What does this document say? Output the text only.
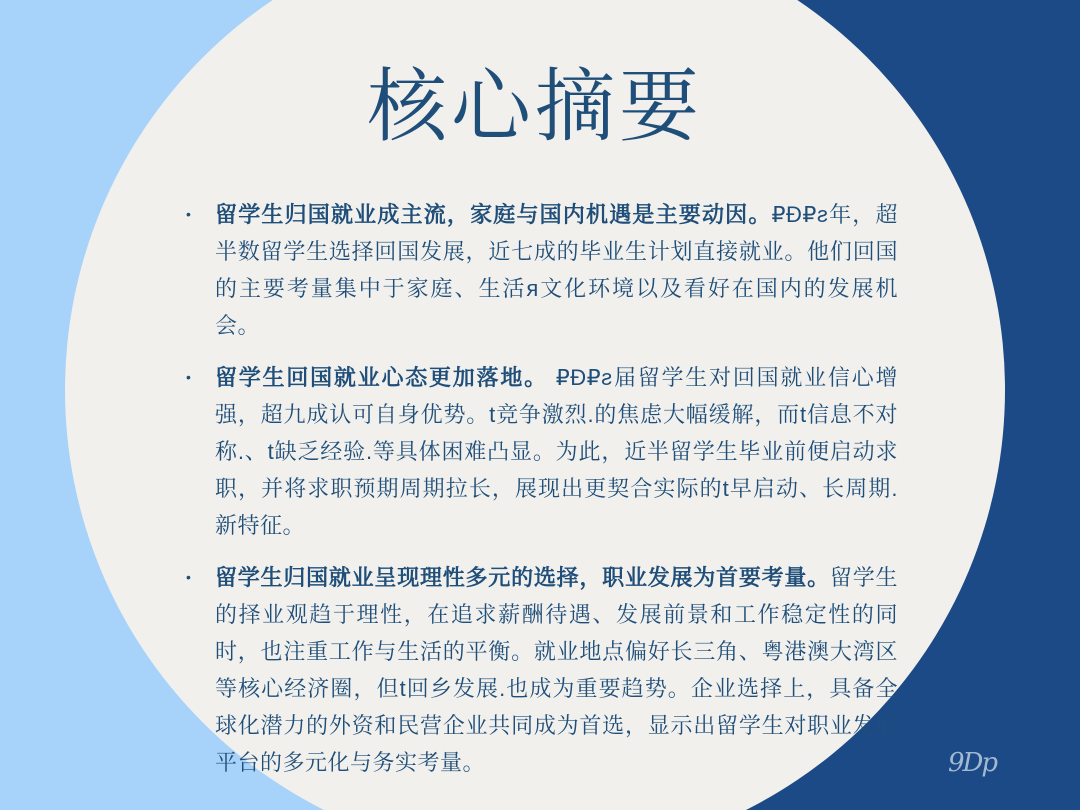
核心摘要
•	留学生归国就业成主流，家庭与国内机遇是主要动因。₽Đ₽ƨ年，超半数留学生选择回国发展，近七成的毕业生计划直接就业。他们回国的主要考量集中于家庭、生活я文化环境以及看好在国内的发展机会。

•	留学生回国就业心态更加落地。 ₽Đ₽ƨ届留学生对回国就业信心增强，超九成认可自身优势。t竞争激烈.的焦虑大幅缓解，而t信息不对称.、t缺乏经验.等具体困难凸显。为此，近半留学生毕业前便启动求职，并将求职预期周期拉长，展现出更契合实际的t早启动、长周期.新特征。

•	留学生归国就业呈现理性多元的选择，职业发展为首要考量。留学生的择业观趋于理性，在追求薪酬待遇、发展前景和工作稳定性的同时，也注重工作与生活的平衡。就业地点偏好长三角、粤港澳大湾区等核心经济圈，但t回乡发展.也成为重要趋势。企业选择上，具备全球化潜力的外资和民营企业共同成为首选，显示出留学生对职业发展平台的多元化与务实考量。	9Dp
